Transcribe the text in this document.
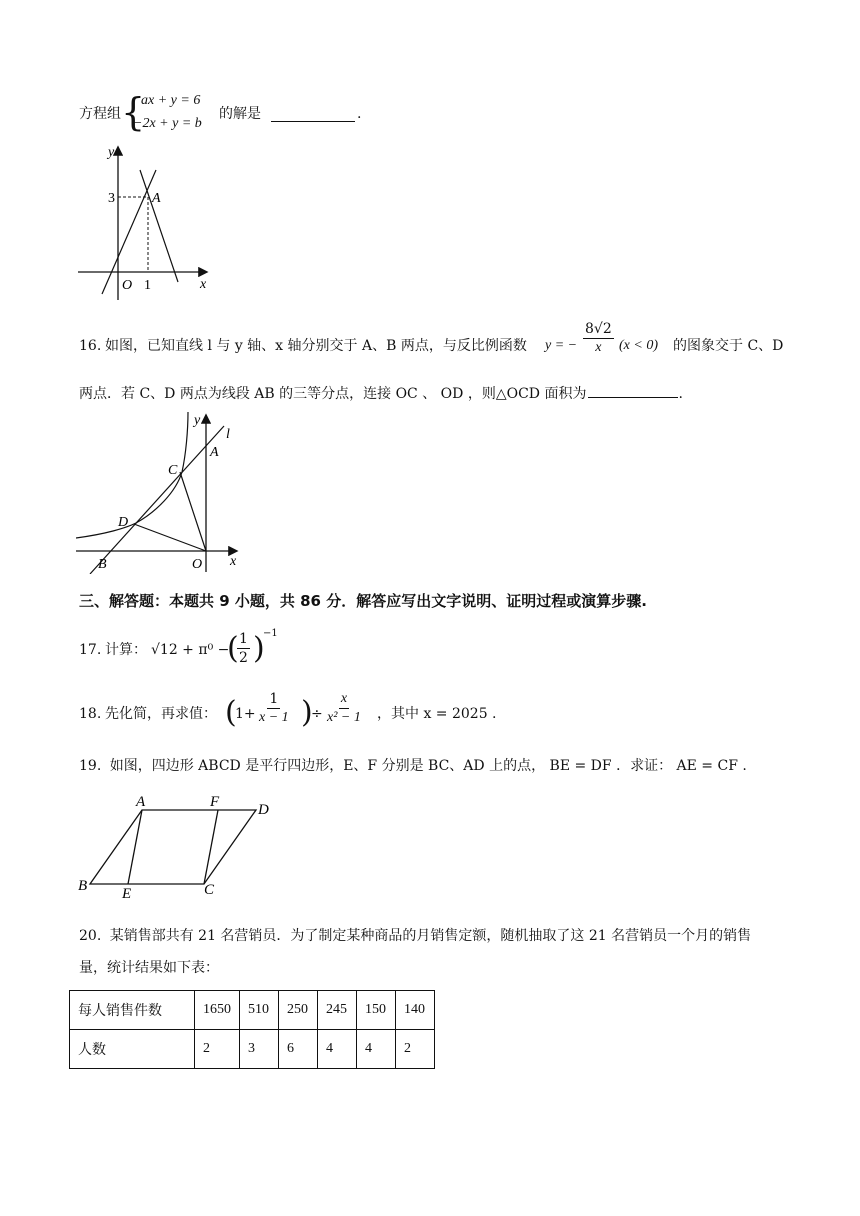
方程组 {
ax + y = 6
−2x + y = b
的解是	.
y
x
O 1
3	A
16. 如图，已知直线 l 与 y 轴、x 轴分别交于 A、B 两点，与反比例函数 y = − $\frac{8√2}{x} (x < 0)$ 的图象交于 C、D
两点．若 C、D 两点为线段 AB 的三等分点，连接 OC 、 OD ，则△OCD 面积为	.
y
l
A
C
D
B	O x
三、解答题：本题共 9 小题，共 86 分．解答应写出文字说明、证明过程或演算步骤.
17. 计算： √12 + π⁰ −
(
$\frac{1}{2}$ )
−1
18. 先化简，再求值： (
$1+ \frac{1}{x - 1}$ )
÷ $\frac{x}{\text{x² − 1}}$ ，其中 x = 2025 .
19. 如图，四边形 ABCD 是平行四边形，E、F 分别是 BC、AD 上的点， BE = DF ．求证： AE = CF .
A	F	D
B E	C
20. 某销售部共有 21 名营销员．为了制定某种商品的月销售定额，随机抽取了这 21 名营销员一个月的销售
量，统计结果如下表：
每人销售件数	1650	510	250	245	150	140
人数	2	3	6	4	4	2
